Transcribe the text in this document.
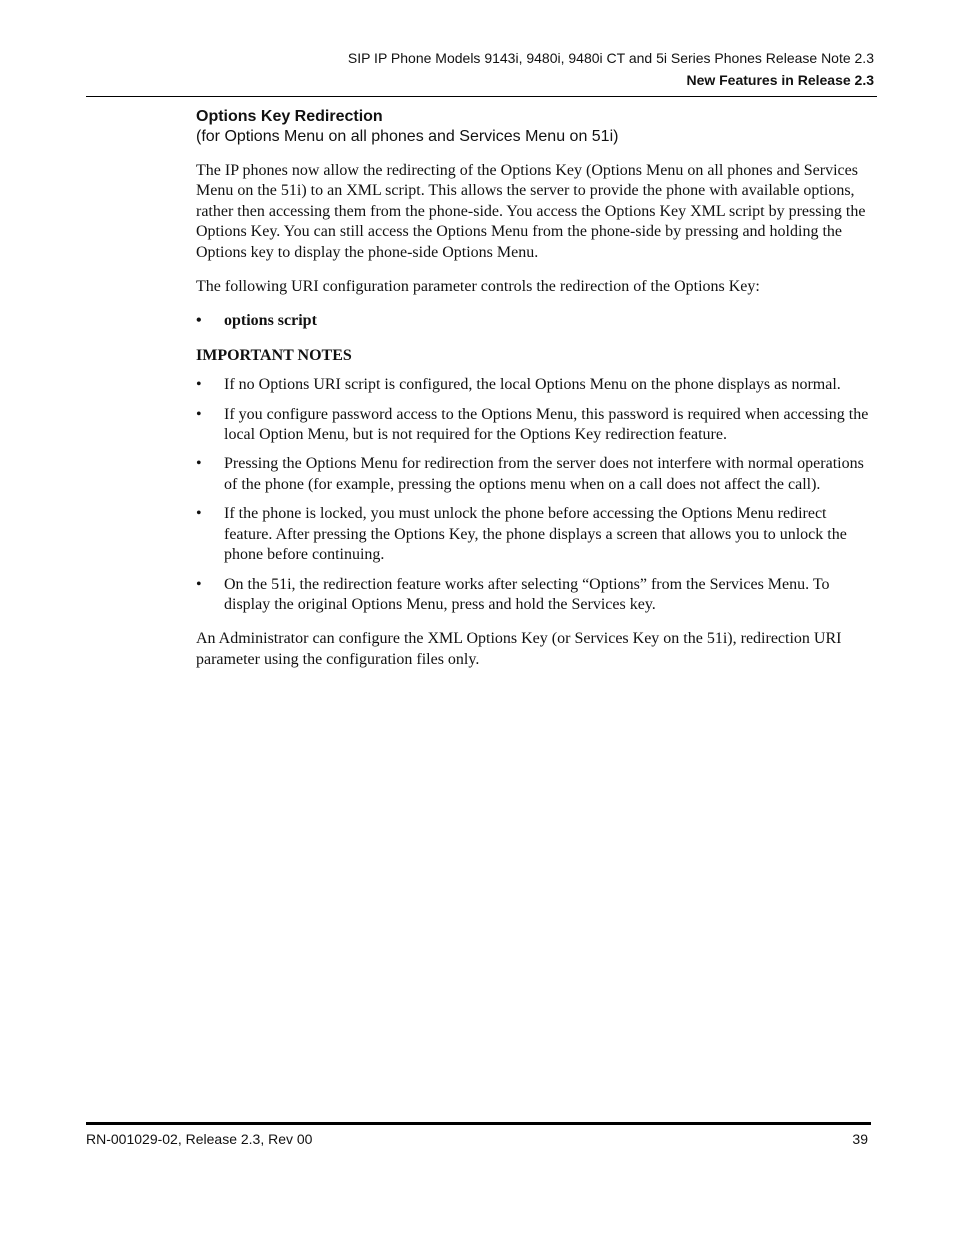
SIP IP Phone Models 9143i, 9480i, 9480i CT and 5i Series Phones Release Note 2.3
New Features in Release 2.3
Options Key Redirection
(for Options Menu on all phones and Services Menu on 51i)

The IP phones now allow the redirecting of the Options Key (Options Menu on all phones and Services Menu on the 51i) to an XML script. This allows the server to provide the phone with available options, rather then accessing them from the phone-side. You access the Options Key XML script by pressing the Options Key. You can still access the Options Menu from the phone-side by pressing and holding the Options key to display the phone-side Options Menu.

The following URI configuration parameter controls the redirection of the Options Key:

• options script
IMPORTANT NOTES
• If no Options URI script is configured, the local Options Menu on the phone displays as normal.
• If you configure password access to the Options Menu, this password is required when accessing the local Option Menu, but is not required for the Options Key redirection feature.
• Pressing the Options Menu for redirection from the server does not interfere with normal operations of the phone (for example, pressing the options menu when on a call does not affect the call).
• If the phone is locked, you must unlock the phone before accessing the Options Menu redirect feature. After pressing the Options Key, the phone displays a screen that allows you to unlock the phone before continuing.
• On the 51i, the redirection feature works after selecting “Options” from the Services Menu. To display the original Options Menu, press and hold the Services key.

An Administrator can configure the XML Options Key (or Services Key on the 51i), redirection URI parameter using the configuration files only.

RN-001029-02, Release 2.3, Rev 00	39
